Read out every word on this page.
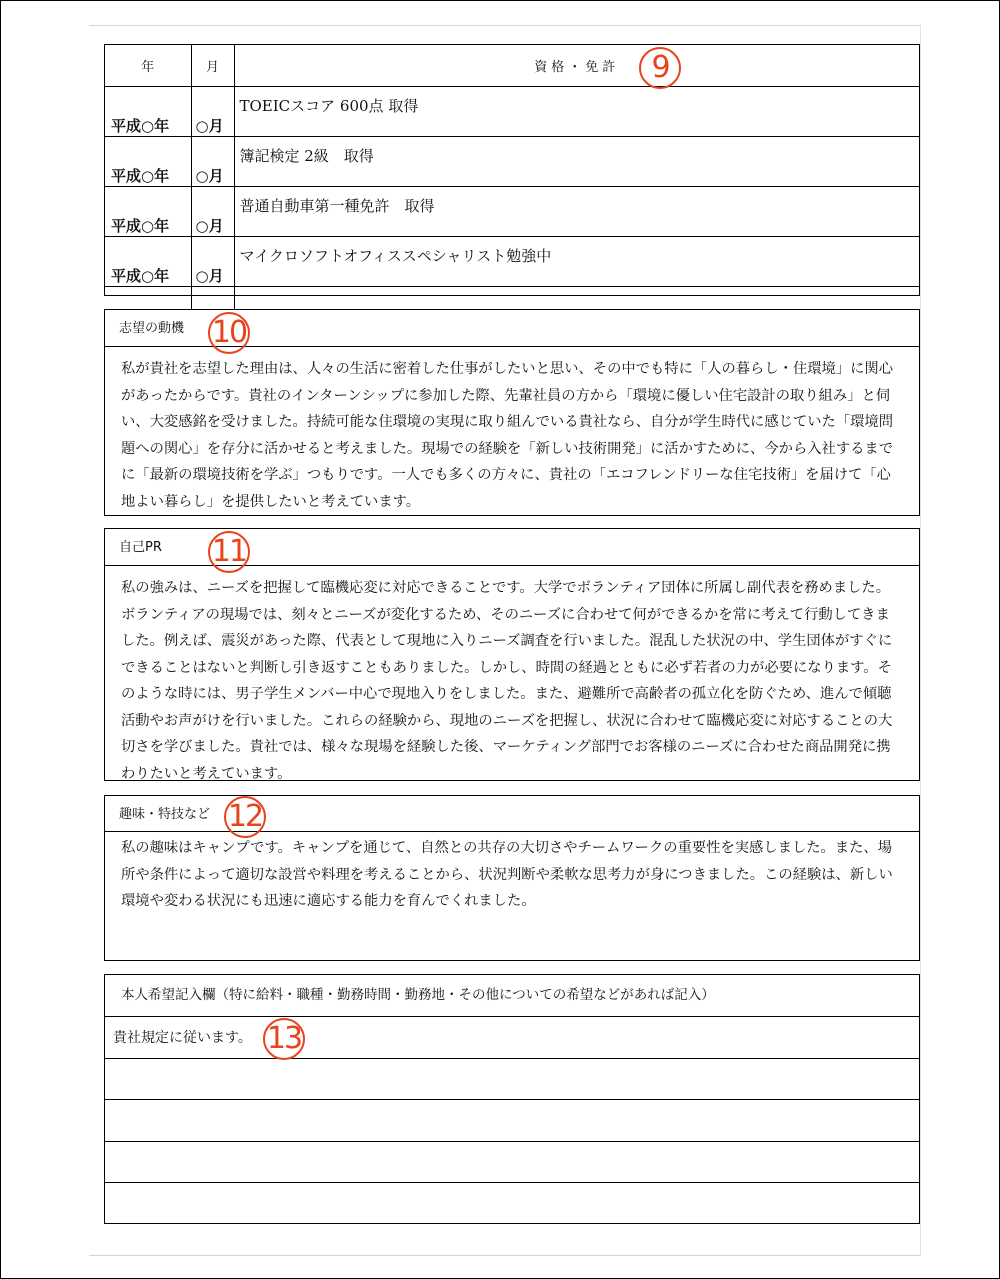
年	月	資格・免許
平成○年	○月	TOEICスコア 600点 取得
平成○年	○月	簿記検定 2級　取得
平成○年	○月	普通自動車第一種免許　取得
平成○年	○月	マイクロソフトオフィススペシャリスト勉強中

9
志望の動機
私が貴社を志望した理由は、人々の生活に密着した仕事がしたいと思い、その中でも特に「人の暮らし・住環境」に関心があったからです。貴社のインターンシップに参加した際、先輩社員の方から「環境に優しい住宅設計の取り組み」と伺い、大変感銘を受けました。持続可能な住環境の実現に取り組んでいる貴社なら、自分が学生時代に感じていた「環境問題への関心」を存分に活かせると考えました。現場での経験を「新しい技術開発」に活かすために、今から入社するまでに「最新の環境技術を学ぶ」つもりです。一人でも多くの方々に、貴社の「エコフレンドリーな住宅技術」を届けて「心地よい暮らし」を提供したいと考えています。
10
自己PR
私の強みは、ニーズを把握して臨機応変に対応できることです。大学でボランティア団体に所属し副代表を務めました。ボランティアの現場では、刻々とニーズが変化するため、そのニーズに合わせて何ができるかを常に考えて行動してきました。例えば、震災があった際、代表として現地に入りニーズ調査を行いました。混乱した状況の中、学生団体がすぐにできることはないと判断し引き返すこともありました。しかし、時間の経過とともに必ず若者の力が必要になります。そのような時には、男子学生メンバー中心で現地入りをしました。また、避難所で高齢者の孤立化を防ぐため、進んで傾聴活動やお声がけを行いました。これらの経験から、現地のニーズを把握し、状況に合わせて臨機応変に対応することの大切さを学びました。貴社では、様々な現場を経験した後、マーケティング部門でお客様のニーズに合わせた商品開発に携わりたいと考えています。
11
趣味・特技など
私の趣味はキャンプです。キャンプを通じて、自然との共存の大切さやチームワークの重要性を実感しました。また、場所や条件によって適切な設営や料理を考えることから、状況判断や柔軟な思考力が身につきました。この経験は、新しい環境や変わる状況にも迅速に適応する能力を育んでくれました。
12
本人希望記入欄（特に給料・職種・勤務時間・勤務地・その他についての希望などがあれば記入）
貴社規定に従います。 13
